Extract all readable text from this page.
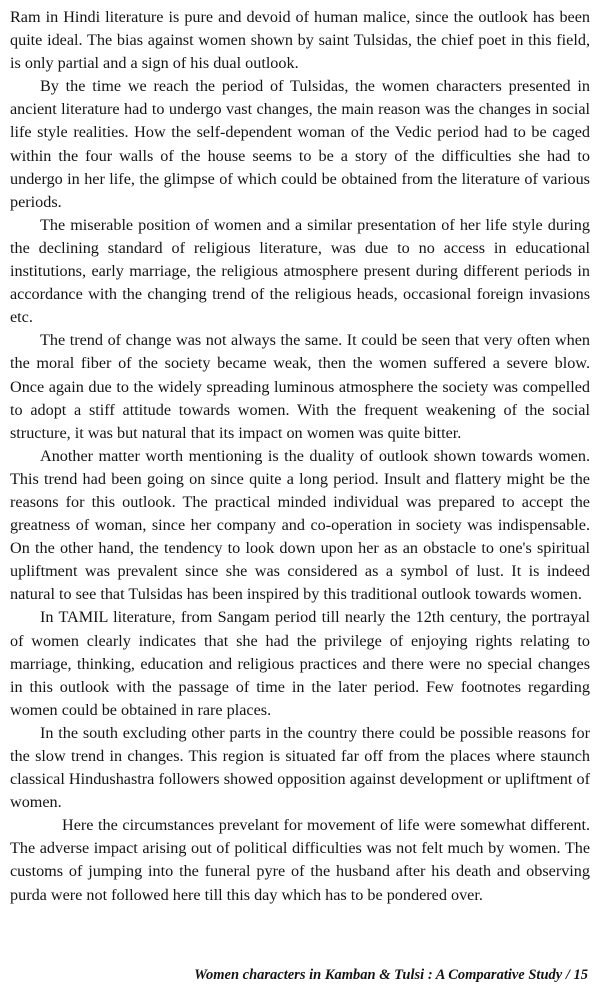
Ram in Hindi literature is pure and devoid of human malice, since the outlook has been quite ideal. The bias against women shown by saint Tulsidas, the chief poet in this field, is only partial and a sign of his dual outlook.

By the time we reach the period of Tulsidas, the women characters presented in ancient literature had to undergo vast changes, the main reason was the changes in social life style realities. How the self-dependent woman of the Vedic period had to be caged within the four walls of the house seems to be a story of the difficulties she had to undergo in her life, the glimpse of which could be obtained from the literature of various periods.

The miserable position of women and a similar presentation of her life style during the declining standard of religious literature, was due to no access in educational institutions, early marriage, the religious atmosphere present during different periods in accordance with the changing trend of the religious heads, occasional foreign invasions etc.

The trend of change was not always the same. It could be seen that very often when the moral fiber of the society became weak, then the women suffered a severe blow. Once again due to the widely spreading luminous atmosphere the society was compelled to adopt a stiff attitude towards women. With the frequent weakening of the social structure, it was but natural that its impact on women was quite bitter.

Another matter worth mentioning is the duality of outlook shown towards women. This trend had been going on since quite a long period. Insult and flattery might be the reasons for this outlook. The practical minded individual was prepared to accept the greatness of woman, since her company and co-operation in society was indispensable. On the other hand, the tendency to look down upon her as an obstacle to one's spiritual upliftment was prevalent since she was considered as a symbol of lust. It is indeed natural to see that Tulsidas has been inspired by this traditional outlook towards women.

In TAMIL literature, from Sangam period till nearly the 12th century, the portrayal of women clearly indicates that she had the privilege of enjoying rights relating to marriage, thinking, education and religious practices and there were no special changes in this outlook with the passage of time in the later period. Few footnotes regarding women could be obtained in rare places.

In the south excluding other parts in the country there could be possible reasons for the slow trend in changes. This region is situated far off from the places where staunch classical Hindushastra followers showed opposition against development or upliftment of women.

Here the circumstances prevelant for movement of life were somewhat different. The adverse impact arising out of political difficulties was not felt much by women. The customs of jumping into the funeral pyre of the husband after his death and observing purda were not followed here till this day which has to be pondered over.

Women characters in Kamban & Tulsi : A Comparative Study / 15
